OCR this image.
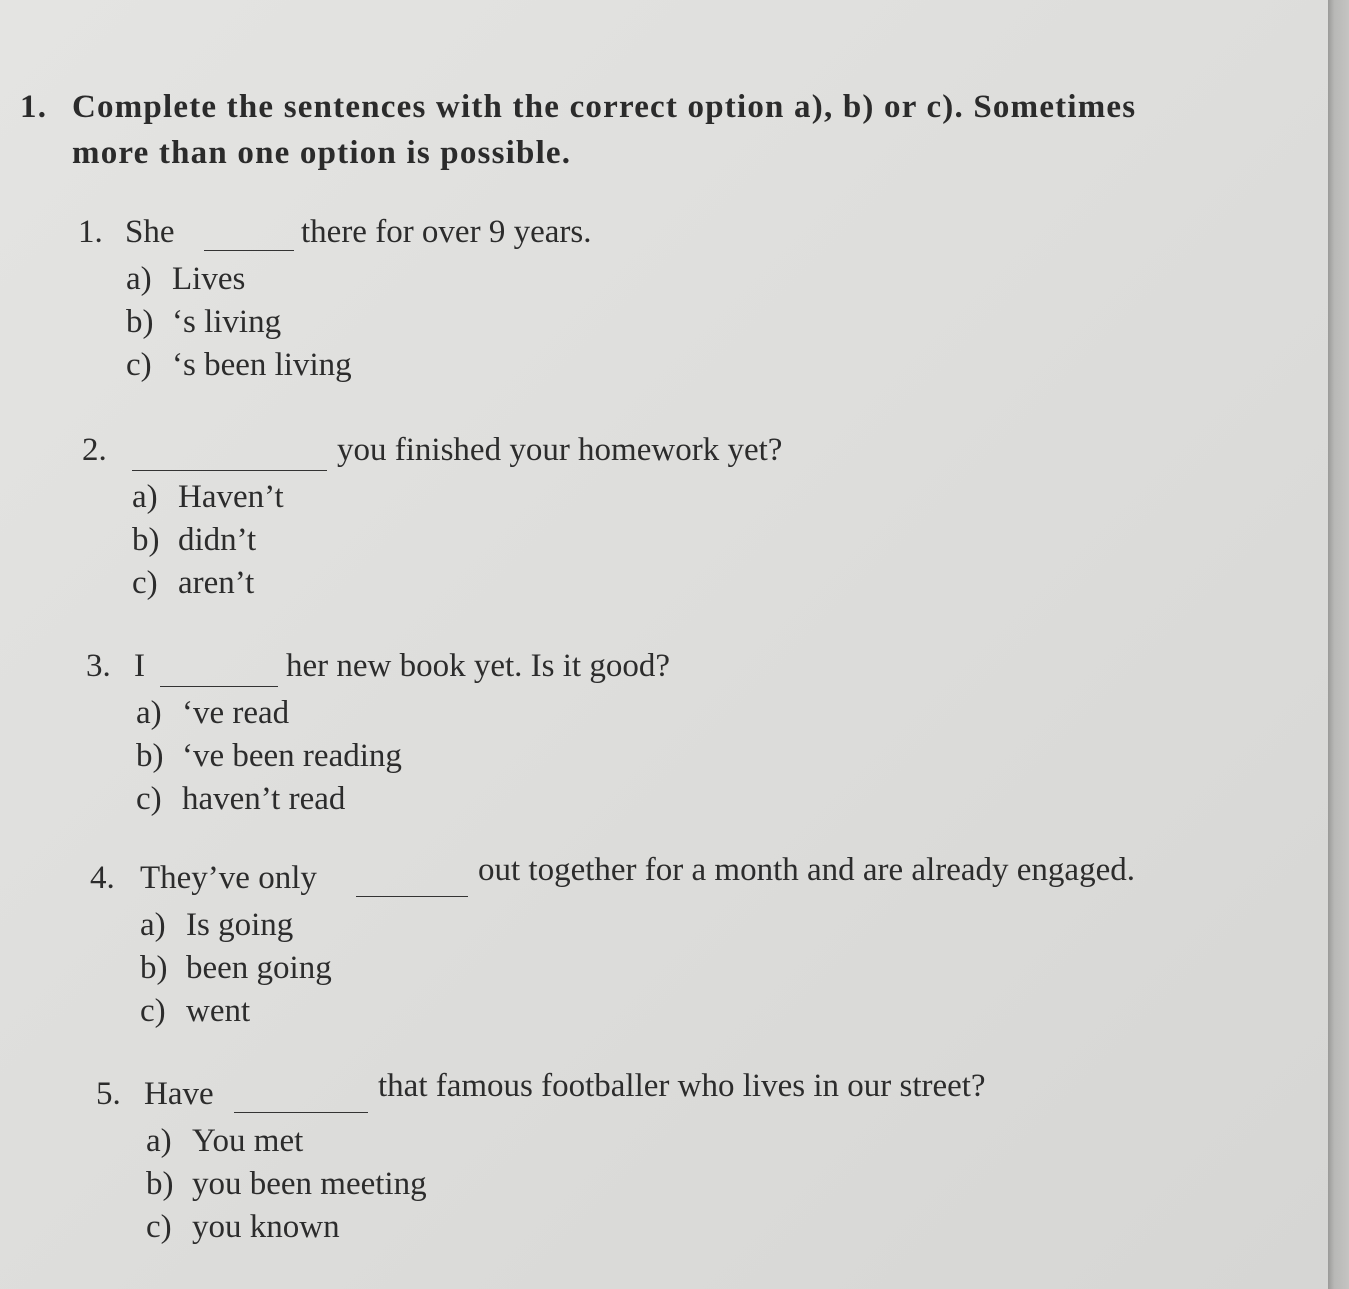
1. Complete the sentences with the correct option a), b) or c). Sometimes
more than one option is possible.
1. She	there for over 9 years.
a) Lives
b) ‘s living
c) ‘s been living
2.	you finished your homework yet?
a) Haven’t
b) didn’t
c) aren’t
3. I	her new book yet. Is it good?
a) ‘ve read
b) ‘ve been reading
c) haven’t read
4. They’ve only	out together for a month and are already engaged.
a) Is going
b) been going
c) went
5. Have	that famous footballer who lives in our street?
a) You met
b) you been meeting
c) you known
